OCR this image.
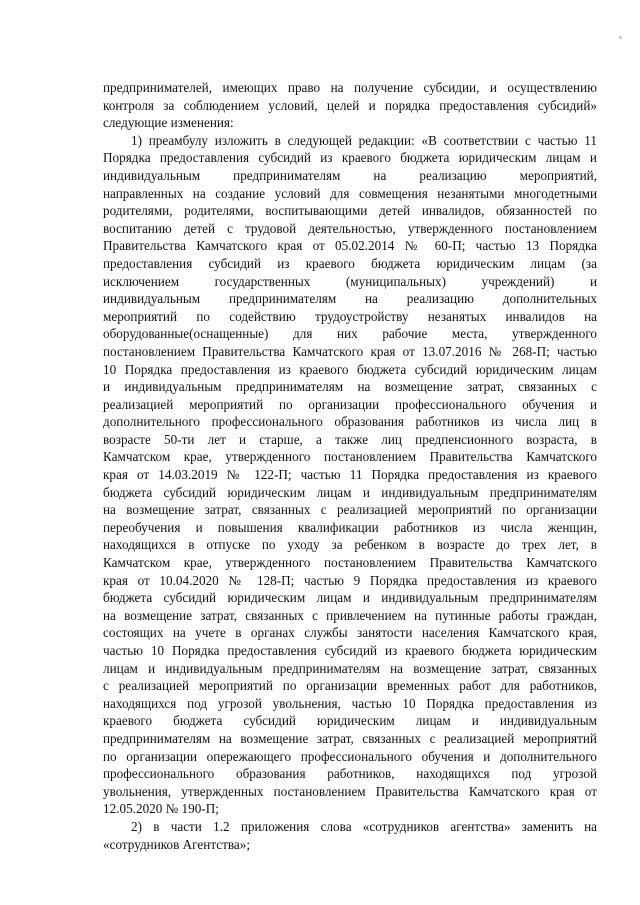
предпринимателей, имеющих право на получение субсидии, и осуществлению
контроля за соблюдением условий, целей и порядка предоставления субсидий»
следующие изменения:
1) преамбулу изложить в следующей редакции: «В соответствии с частью 11
Порядка предоставления субсидий из краевого бюджета юридическим лицам и
индивидуальным предпринимателям на реализацию мероприятий,
направленных на создание условий для совмещения незанятыми многодетными
родителями, родителями, воспитывающими детей инвалидов, обязанностей по
воспитанию детей с трудовой деятельностью, утвержденного постановлением
Правительства Камчатского края от 05.02.2014 № 60-П; частью 13 Порядка
предоставления субсидий из краевого бюджета юридическим лицам (за
исключением государственных (муниципальных) учреждений) и
индивидуальным предпринимателям на реализацию дополнительных
мероприятий по содействию трудоустройству незанятых инвалидов на
оборудованные(оснащенные) для них рабочие места, утвержденного
постановлением Правительства Камчатского края от 13.07.2016 № 268-П; частью
10 Порядка предоставления из краевого бюджета субсидий юридическим лицам
и индивидуальным предпринимателям на возмещение затрат, связанных с
реализацией мероприятий по организации профессионального обучения и
дополнительного профессионального образования работников из числа лиц в
возрасте 50-ти лет и старше, а также лиц предпенсионного возраста, в
Камчатском крае, утвержденного постановлением Правительства Камчатского
края от 14.03.2019 № 122-П; частью 11 Порядка предоставления из краевого
бюджета субсидий юридическим лицам и индивидуальным предпринимателям
на возмещение затрат, связанных с реализацией мероприятий по организации
переобучения и повышения квалификации работников из числа женщин,
находящихся в отпуске по уходу за ребенком в возрасте до трех лет, в
Камчатском крае, утвержденного постановлением Правительства Камчатского
края от 10.04.2020 № 128-П; частью 9 Порядка предоставления из краевого
бюджета субсидий юридическим лицам и индивидуальным предпринимателям
на возмещение затрат, связанных с привлечением на путинные работы граждан,
состоящих на учете в органах службы занятости населения Камчатского края,
частью 10 Порядка предоставления субсидий из краевого бюджета юридическим
лицам и индивидуальным предпринимателям на возмещение затрат, связанных
с реализацией мероприятий по организации временных работ для работников,
находящихся под угрозой увольнения, частью 10 Порядка предоставления из
краевого бюджета субсидий юридическим лицам и индивидуальным
предпринимателям на возмещение затрат, связанных с реализацией мероприятий
по организации опережающего профессионального обучения и дополнительного
профессионального образования работников, находящихся под угрозой
увольнения, утвержденных постановлением Правительства Камчатского края от
12.05.2020 № 190-П;
2) в части 1.2 приложения слова «сотрудников агентства» заменить на
«сотрудников Агентства»;
